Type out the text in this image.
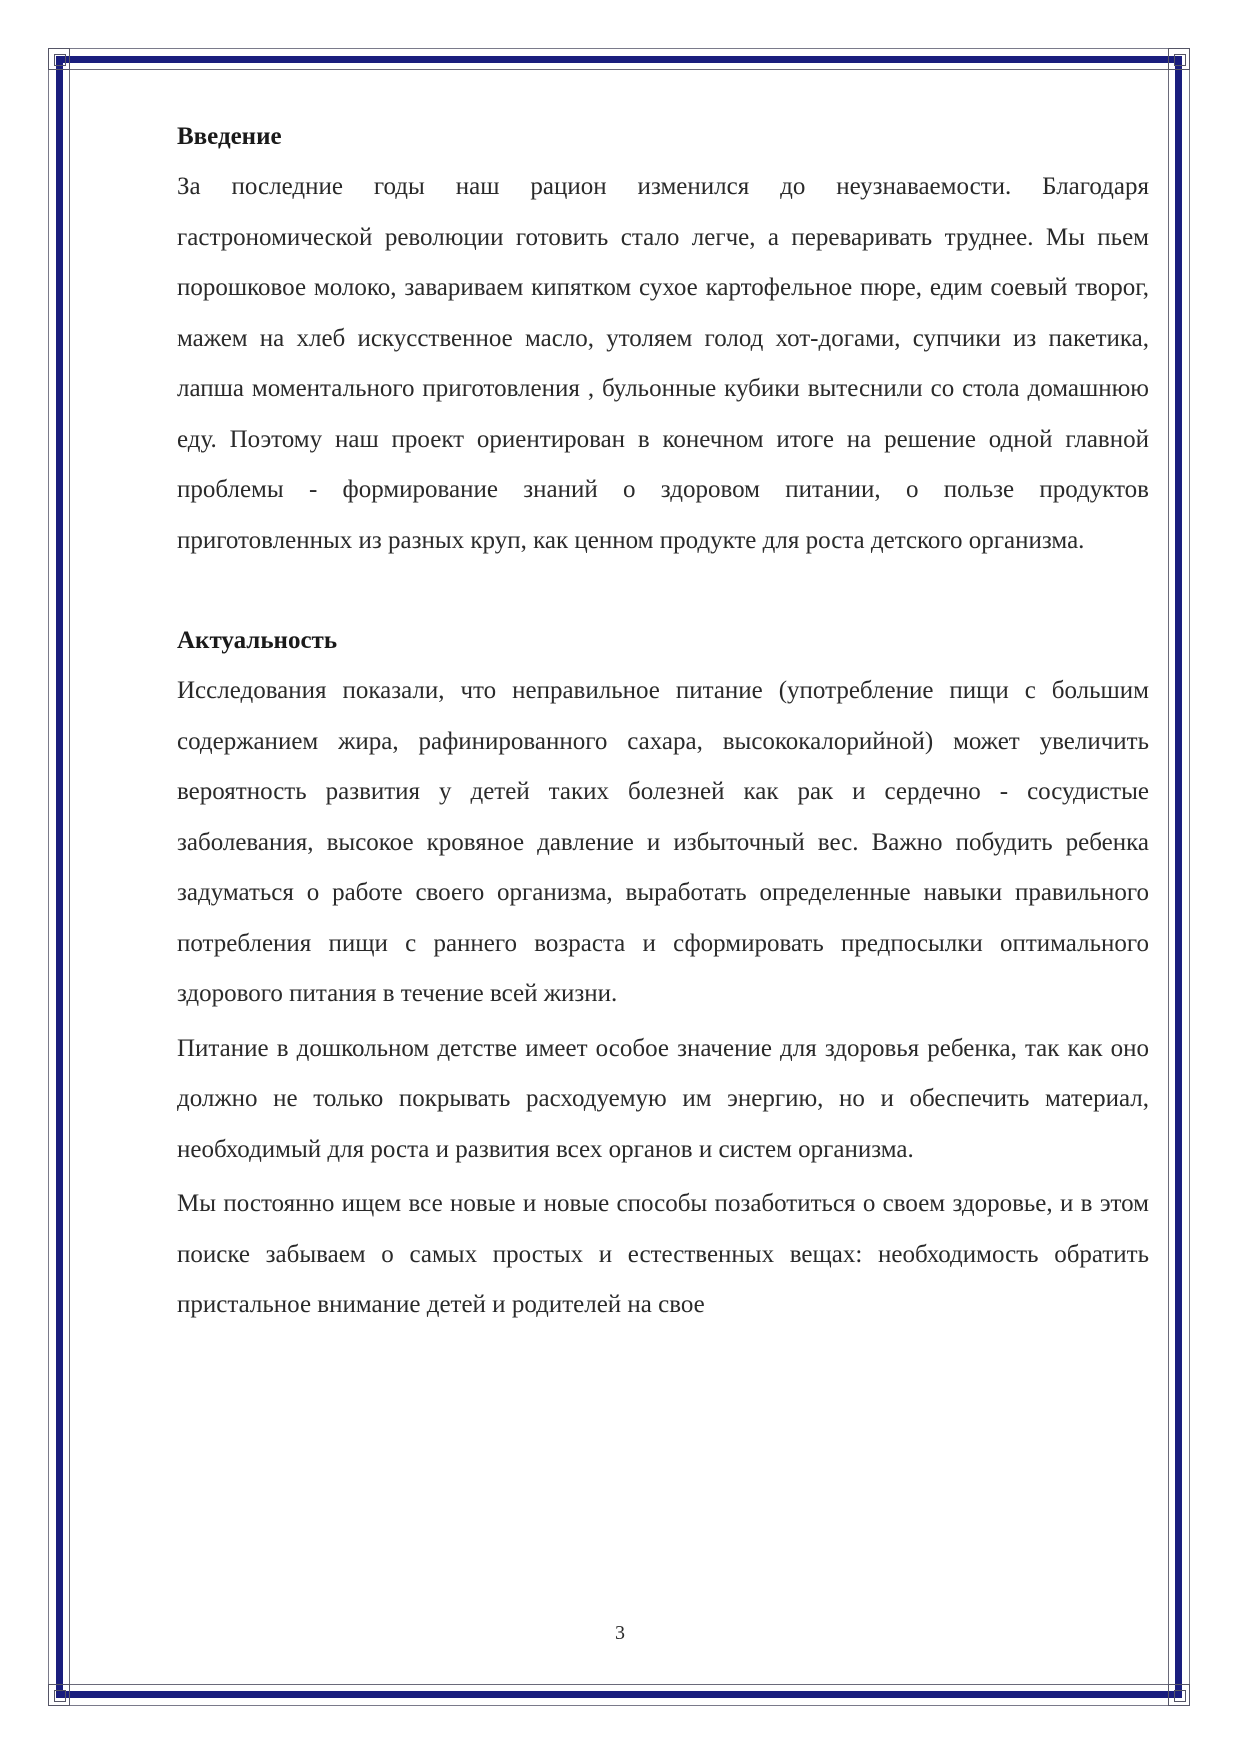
Введение

За последние годы наш рацион изменился до неузнаваемости. Благодаря гастрономической революции готовить стало легче, а переваривать труднее. Мы пьем порошковое молоко, завариваем кипятком сухое картофельное пюре, едим соевый творог, мажем на хлеб искусственное масло, утоляем голод хот-догами, супчики из пакетика, лапша моментального приготовления , бульонные кубики вытеснили со стола домашнюю еду. Поэтому наш проект ориентирован в конечном итоге на решение одной главной проблемы - формирование знаний о здоровом питании, о пользе продуктов приготовленных из разных круп, как ценном продукте для роста детского организма.

Актуальность

Исследования показали, что неправильное питание (употребление пищи с большим содержанием жира, рафинированного сахара, высококалорийной) может увеличить вероятность развития у детей таких болезней как рак и сердечно - сосудистые заболевания, высокое кровяное давление и избыточный вес. Важно побудить ребенка задуматься о работе своего организма, выработать определенные навыки правильного потребления пищи с раннего возраста и сформировать предпосылки оптимального здорового питания в течение всей жизни.

Питание в дошкольном детстве имеет особое значение для здоровья ребенка, так как оно должно не только покрывать расходуемую им энергию, но и обеспечить материал, необходимый для роста и развития всех органов и систем организма.

Мы постоянно ищем все новые и новые способы позаботиться о своем здоровье, и в этом поиске забываем о самых простых и естественных вещах: необходимость обратить пристальное внимание детей и родителей на свое

3
